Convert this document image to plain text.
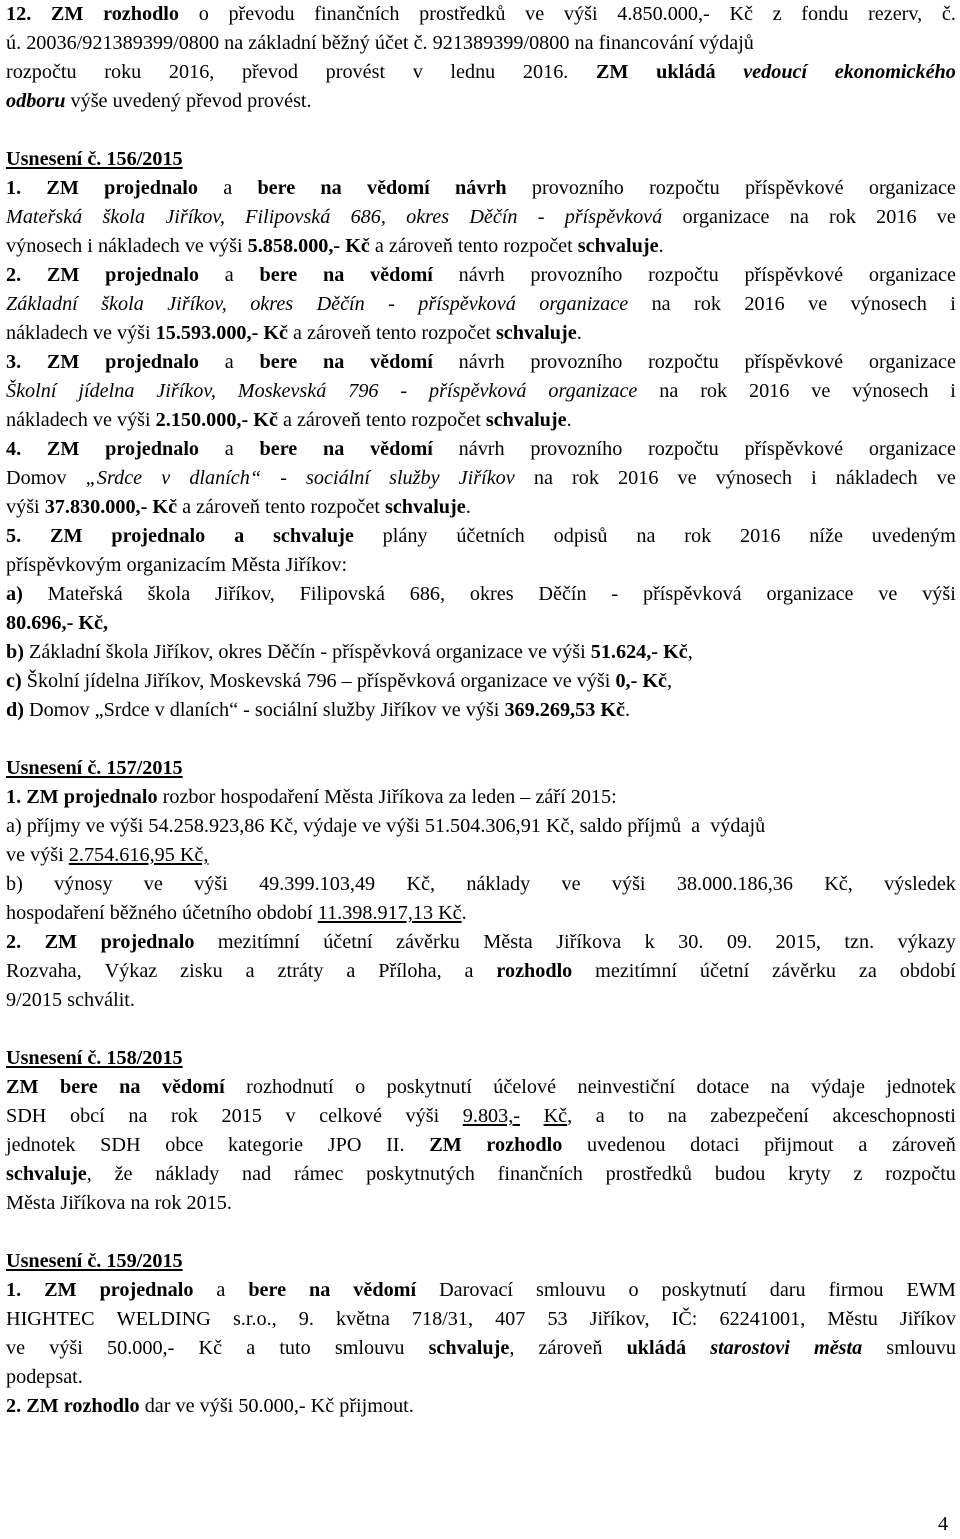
12. ZM rozhodlo o převodu finančních prostředků ve výši 4.850.000,- Kč z fondu rezerv, č.
ú. 20036/921389399/0800 na základní běžný účet č. 921389399/0800 na financování výdajů
rozpočtu roku 2016, převod provést v lednu 2016. ZM ukládá vedoucí ekonomického
odboru výše uvedený převod provést.
Usnesení č. 156/2015
1. ZM projednalo a bere na vědomí návrh provozního rozpočtu příspěvkové organizace
Mateřská škola Jiříkov, Filipovská 686, okres Děčín - příspěvková organizace na rok 2016 ve
výnosech i nákladech ve výši 5.858.000,- Kč a zároveň tento rozpočet schvaluje .
2. ZM projednalo a bere na vědomí návrh provozního rozpočtu příspěvkové organizace
Základní škola Jiříkov, okres Děčín - příspěvková organizace na rok 2016 ve výnosech i
nákladech ve výši 15.593.000,- Kč a zároveň tento rozpočet schvaluje .
3. ZM projednalo a bere na vědomí návrh provozního rozpočtu příspěvkové organizace
Školní jídelna Jiříkov, Moskevská 796 - příspěvková organizace na rok 2016 ve výnosech i
nákladech ve výši 2.150.000,- Kč a zároveň tento rozpočet schvaluje .
4. ZM projednalo a bere na vědomí návrh provozního rozpočtu příspěvkové organizace
Domov „Srdce v dlaních“ - sociální služby Jiříkov na rok 2016 ve výnosech i nákladech ve
výši 37.830.000,- Kč a zároveň tento rozpočet schvaluje .
5. ZM projednalo a schvaluje plány účetních odpisů na rok 2016 níže uvedeným
příspěvkovým organizacím Města Jiříkov:
a) Mateřská škola Jiříkov, Filipovská 686, okres Děčín - příspěvková organizace ve výši
80.696,- Kč,
b) Základní škola Jiříkov, okres Děčín - příspěvková organizace ve výši 51.624,- Kč ,
c) Školní jídelna Jiříkov, Moskevská 796 – příspěvková organizace ve výši 0,- Kč ,
d) Domov „Srdce v dlaních“ - sociální služby Jiříkov ve výši 369.269,53 Kč .
Usnesení č. 157/2015
1. ZM projednalo rozbor hospodaření Města Jiříkova za leden – září 2015:
a) příjmy ve výši 54.258.923,86 Kč, výdaje ve výši 51.504.306,91 Kč, saldo příjmů  a  výdajů
ve výši 2.754.616,95 Kč,
b) výnosy ve výši 49.399.103,49 Kč, náklady ve výši 38.000.186,36 Kč, výsledek
hospodaření běžného účetního období 11.398.917,13 Kč .
2. ZM projednalo mezitímní účetní závěrku Města Jiříkova k 30. 09. 2015, tzn. výkazy
Rozvaha, Výkaz zisku a ztráty a Příloha, a rozhodlo mezitímní účetní závěrku za období
9/2015 schválit.
Usnesení č. 158/2015
ZM bere na vědomí rozhodnutí o poskytnutí účelové neinvestiční dotace na výdaje jednotek
SDH obcí na rok 2015 v celkové výši 9.803,- Kč, a to na zabezpečení akceschopnosti
jednotek SDH obce kategorie JPO II. ZM rozhodlo uvedenou dotaci přijmout a zároveň
schvaluje, že náklady nad rámec poskytnutých finančních prostředků budou kryty z rozpočtu
Města Jiříkova na rok 2015.
Usnesení č. 159/2015
1. ZM projednalo a bere na vědomí Darovací smlouvu o poskytnutí daru firmou EWM
HIGHTEC WELDING s.r.o., 9. května 718/31, 407 53 Jiříkov, IČ: 62241001, Městu Jiříkov
ve výši 50.000,- Kč a tuto smlouvu schvaluje, zároveň ukládá starostovi města smlouvu
podepsat.
2. ZM rozhodlo dar ve výši 50.000,- Kč přijmout.
4
